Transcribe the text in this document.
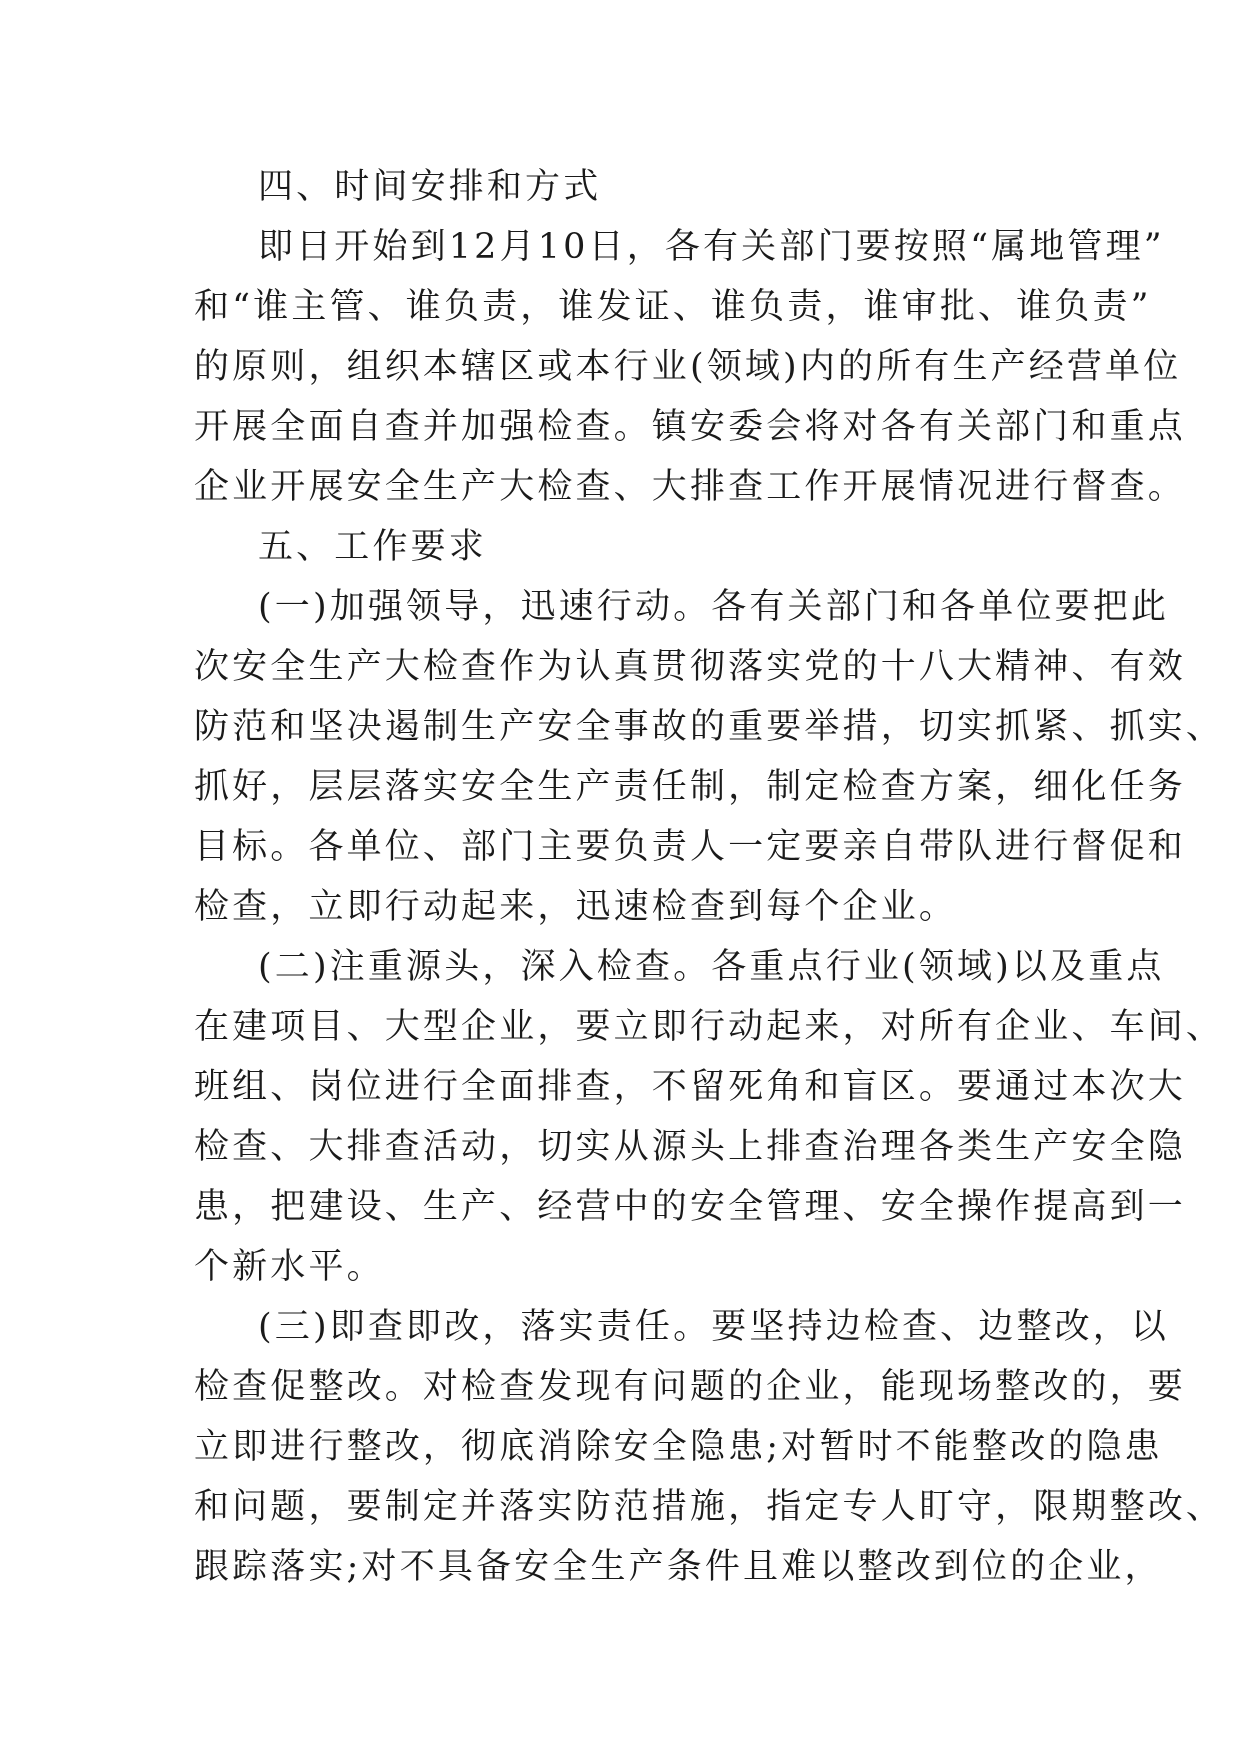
四、时间安排和方式
即日开始到12月10日，各有关部门要按照“属地管理”
和“谁主管、谁负责，谁发证、谁负责，谁审批、谁负责”
的原则，组织本辖区或本行业(领域)内的所有生产经营单位
开展全面自查并加强检查。镇安委会将对各有关部门和重点
企业开展安全生产大检查、大排查工作开展情况进行督查。
五、工作要求
(一)加强领导，迅速行动。各有关部门和各单位要把此
次安全生产大检查作为认真贯彻落实党的十八大精神、有效
防范和坚决遏制生产安全事故的重要举措，切实抓紧、抓实、
抓好，层层落实安全生产责任制，制定检查方案，细化任务
目标。各单位、部门主要负责人一定要亲自带队进行督促和
检查，立即行动起来，迅速检查到每个企业。
(二)注重源头，深入检查。各重点行业(领域)以及重点
在建项目、大型企业，要立即行动起来，对所有企业、车间、
班组、岗位进行全面排查，不留死角和盲区。要通过本次大
检查、大排查活动，切实从源头上排查治理各类生产安全隐
患，把建设、生产、经营中的安全管理、安全操作提高到一
个新水平。
(三)即查即改，落实责任。要坚持边检查、边整改，以
检查促整改。对检查发现有问题的企业，能现场整改的，要
立即进行整改，彻底消除安全隐患;对暂时不能整改的隐患
和问题，要制定并落实防范措施，指定专人盯守，限期整改、
跟踪落实;对不具备安全生产条件且难以整改到位的企业，
